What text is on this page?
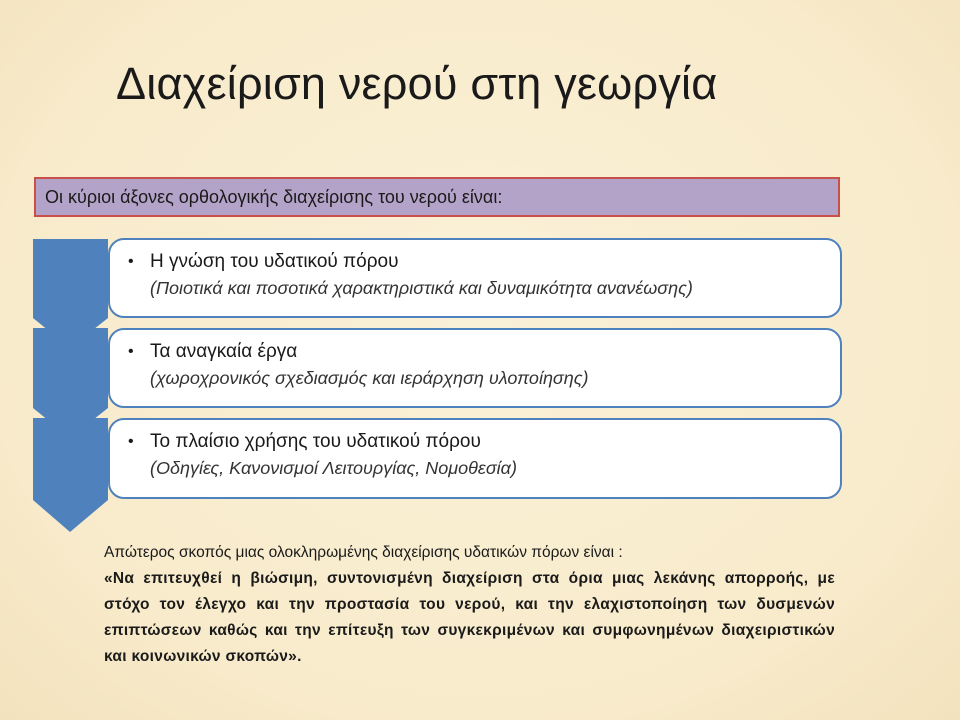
Διαχείριση νερού στη γεωργία
Οι κύριοι άξονες ορθολογικής διαχείρισης του νερού είναι:
• Η γνώση του υδατικού πόρου
(Ποιοτικά και ποσοτικά χαρακτηριστικά και δυναμικότητα ανανέωσης)
• Τα αναγκαία έργα
(χωροχρονικός σχεδιασμός και ιεράρχηση υλοποίησης)
• Το πλαίσιο χρήσης του υδατικού πόρου
(Οδηγίες, Κανονισμοί Λειτουργίας, Νομοθεσία)
Απώτερος σκοπός μιας ολοκληρωμένης διαχείρισης υδατικών πόρων είναι :
«Να επιτευχθεί η βιώσιμη, συντονισμένη διαχείριση στα όρια μιας λεκάνης απορροής, με στόχο τον έλεγχο και την προστασία του νερού, και την ελαχιστοποίηση των δυσμενών επιπτώσεων καθώς και την επίτευξη των συγκεκριμένων και συμφωνημένων διαχειριστικών και κοινωνικών σκοπών».
